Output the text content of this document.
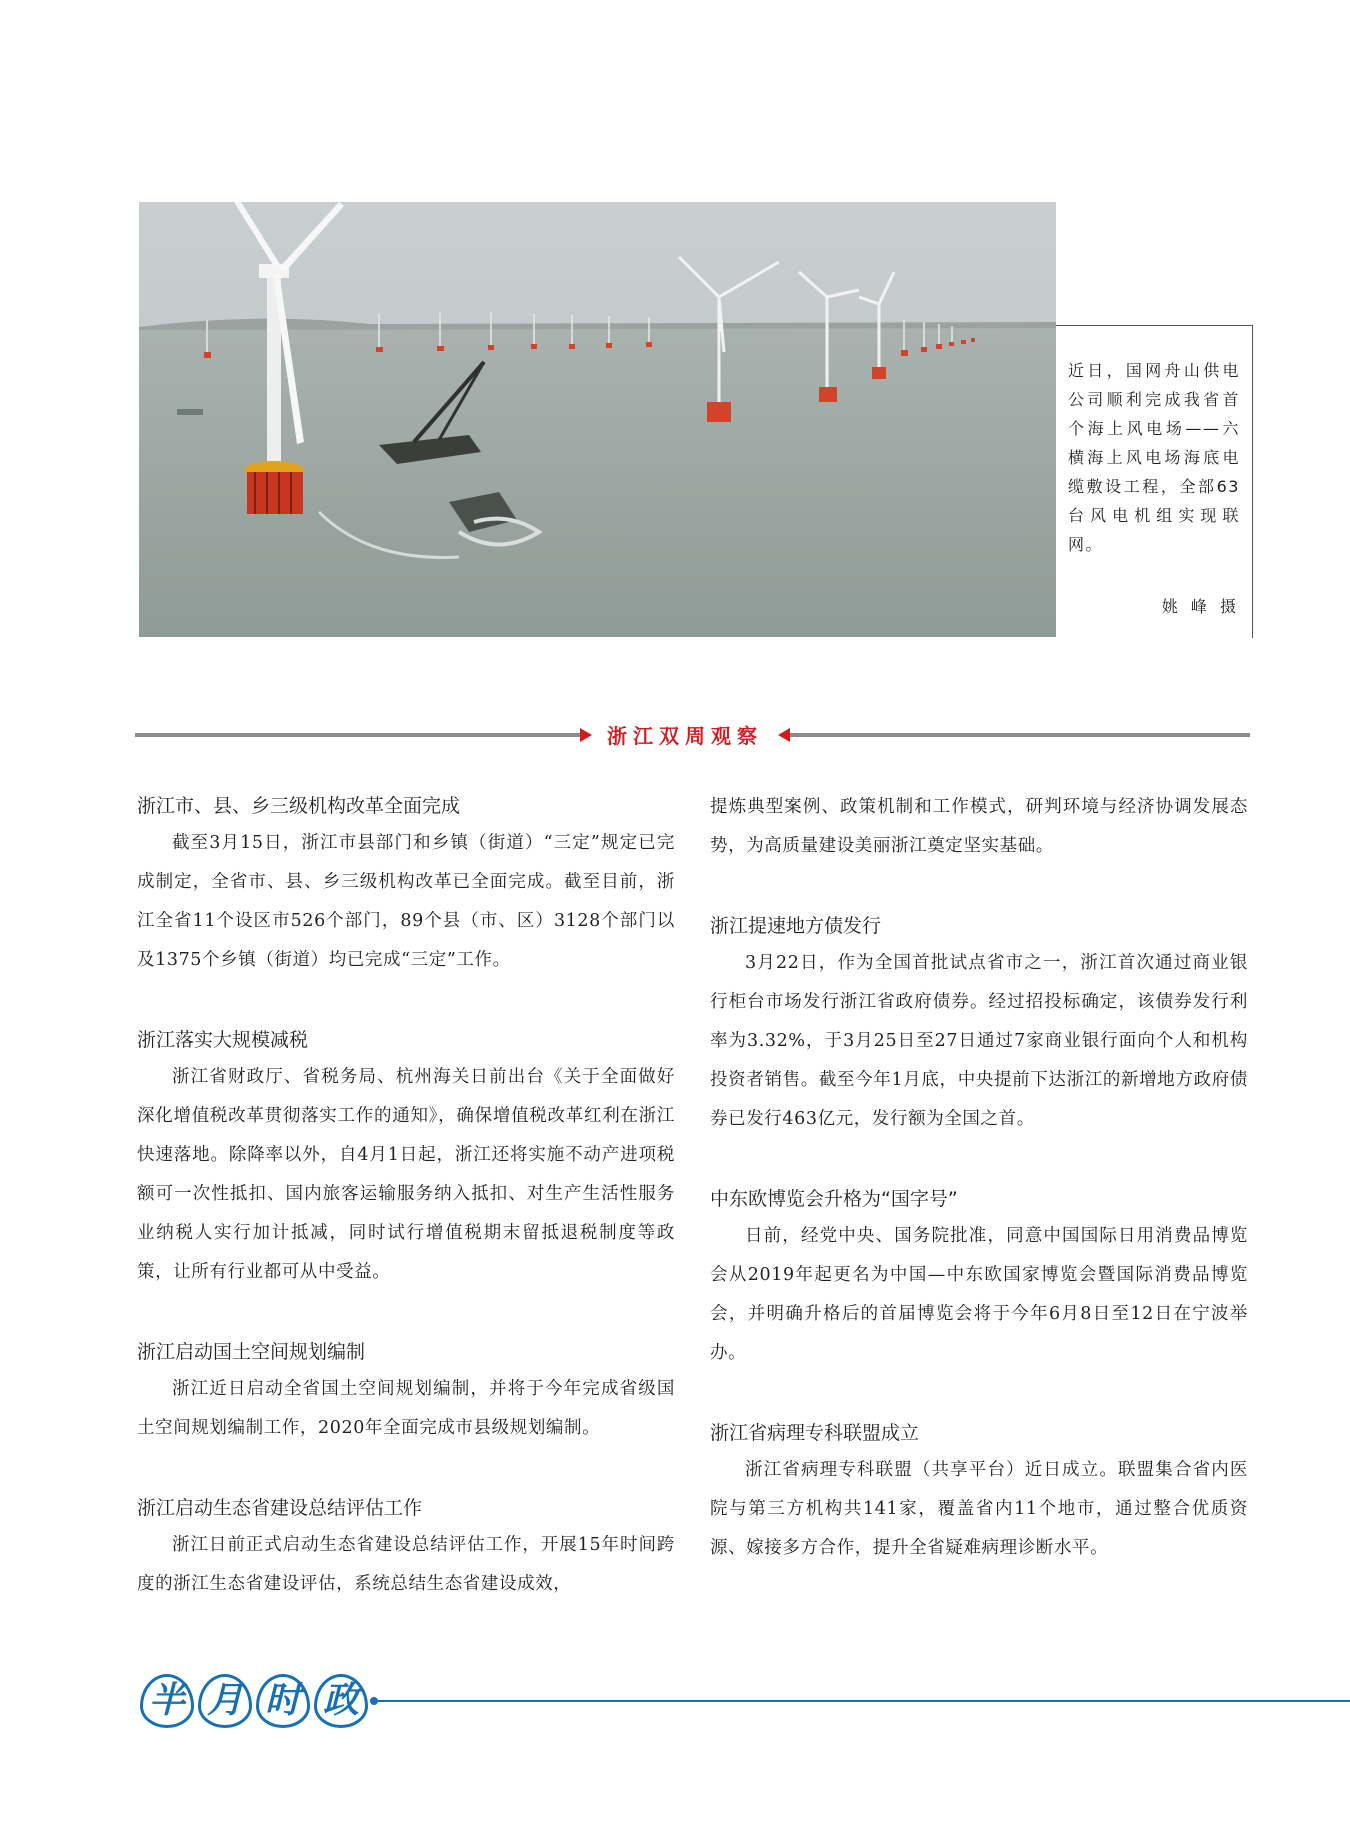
近日，国网舟山供电公司顺利完成我省首个海上风电场——六横海上风电场海底电缆敷设工程，全部63台风电机组实现联网。
姚 峰 摄
浙江双周观察
浙江市、县、乡三级机构改革全面完成

截至3月15日，浙江市县部门和乡镇（街道）“三定”规定已完成制定，全省市、县、乡三级机构改革已全面完成。截至目前，浙江全省11个设区市526个部门，89个县（市、区）3128个部门以及1375个乡镇（街道）均已完成“三定”工作。

浙江落实大规模减税

浙江省财政厅、省税务局、杭州海关日前出台《关于全面做好深化增值税改革贯彻落实工作的通知》，确保增值税改革红利在浙江快速落地。除降率以外，自4月1日起，浙江还将实施不动产进项税额可一次性抵扣、国内旅客运输服务纳入抵扣、对生产生活性服务业纳税人实行加计抵减，同时试行增值税期末留抵退税制度等政策，让所有行业都可从中受益。

浙江启动国土空间规划编制

浙江近日启动全省国土空间规划编制，并将于今年完成省级国土空间规划编制工作，2020年全面完成市县级规划编制。

浙江启动生态省建设总结评估工作

浙江日前正式启动生态省建设总结评估工作，开展15年时间跨度的浙江生态省建设评估，系统总结生态省建设成效，

提炼典型案例、政策机制和工作模式，研判环境与经济协调发展态势，为高质量建设美丽浙江奠定坚实基础。

浙江提速地方债发行

3月22日，作为全国首批试点省市之一，浙江首次通过商业银行柜台市场发行浙江省政府债券。经过招投标确定，该债券发行利率为3.32%，于3月25日至27日通过7家商业银行面向个人和机构投资者销售。截至今年1月底，中央提前下达浙江的新增地方政府债券已发行463亿元，发行额为全国之首。

中东欧博览会升格为“国字号”

日前，经党中央、国务院批准，同意中国国际日用消费品博览会从2019年起更名为中国—中东欧国家博览会暨国际消费品博览会，并明确升格后的首届博览会将于今年6月8日至12日在宁波举办。

浙江省病理专科联盟成立

浙江省病理专科联盟（共享平台）近日成立。联盟集合省内医院与第三方机构共141家，覆盖省内11个地市，通过整合优质资源、嫁接多方合作，提升全省疑难病理诊断水平。

半 月 时 政
